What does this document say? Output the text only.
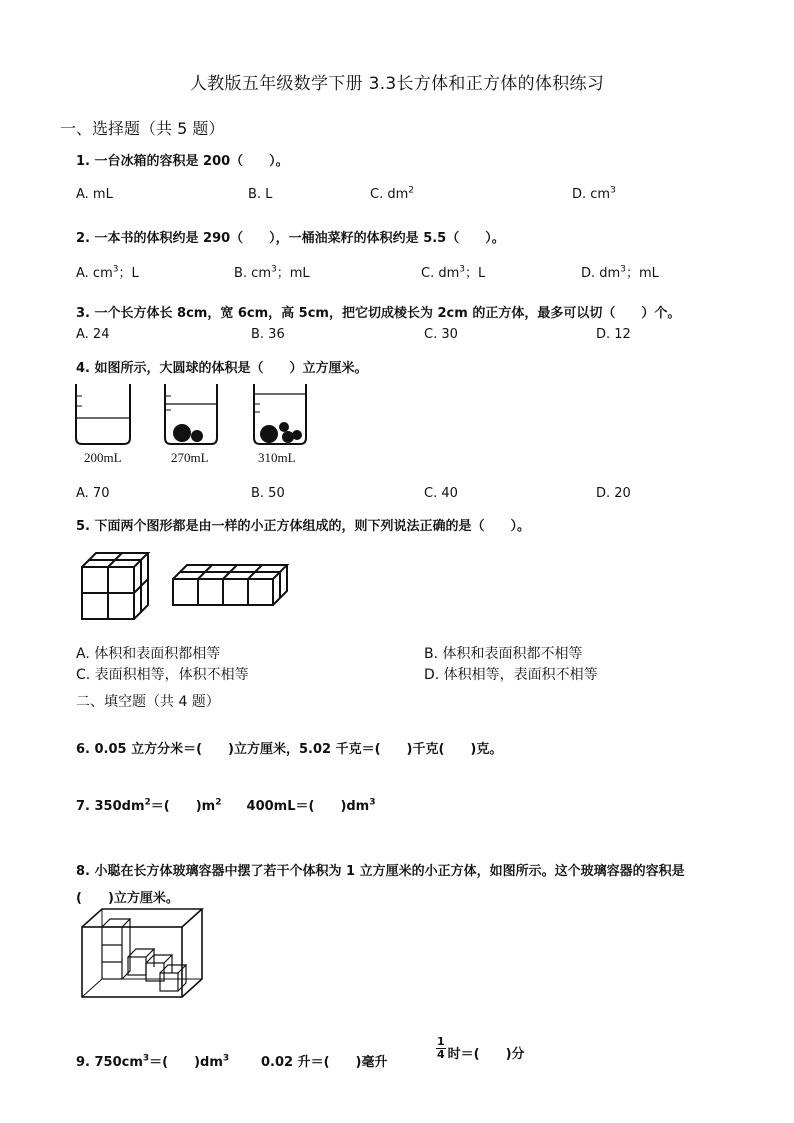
人教版五年级数学下册 3.3长方体和正方体的体积练习
一、选择题（共 5 题）
1. 一台冰箱的容积是 200（　　）。
A. mL	B. L	C. $dm^2$	D. $cm^3$
2. 一本书的体积约是 290（　　），一桶油菜籽的体积约是 5.5（　　）。
A. $cm^3$；L	B. $cm^3$；mL	C. $dm^3$；L	D. $dm^3$；mL
3. 一个长方体长 8cm，宽 6cm，高 5cm，把它切成棱长为 2cm 的正方体，最多可以切（　　）个。
A. 24	B. 36	C. 30	D. 12
4. 如图所示，大圆球的体积是（　　）立方厘米。
200mL	270mL	310mL
A. 70	B. 50	C. 40	D. 20
5. 下面两个图形都是由一样的小正方体组成的，则下列说法正确的是（　　）。
A. 体积和表面积都相等	B. 体积和表面积都不相等
C. 表面积相等，体积不相等	D. 体积相等，表面积不相等
二、填空题（共 4 题）
6. 0.05 立方分米＝(　　)立方厘米，5.02 千克＝(　　)千克(　　)克。
7. $350dm^2=$(　　)$m^2$ 400mL＝(　　)$dm^3$
8. 小聪在长方体玻璃容器中摆了若干个体积为 1 立方厘米的小正方体，如图所示。这个玻璃容器的容积是
(　　)立方厘米。
9. $750cm^3=$(　　)$dm^3$ 0.02 升＝(　　)毫升
$\frac{1}{4}$ 时＝(　　)分
